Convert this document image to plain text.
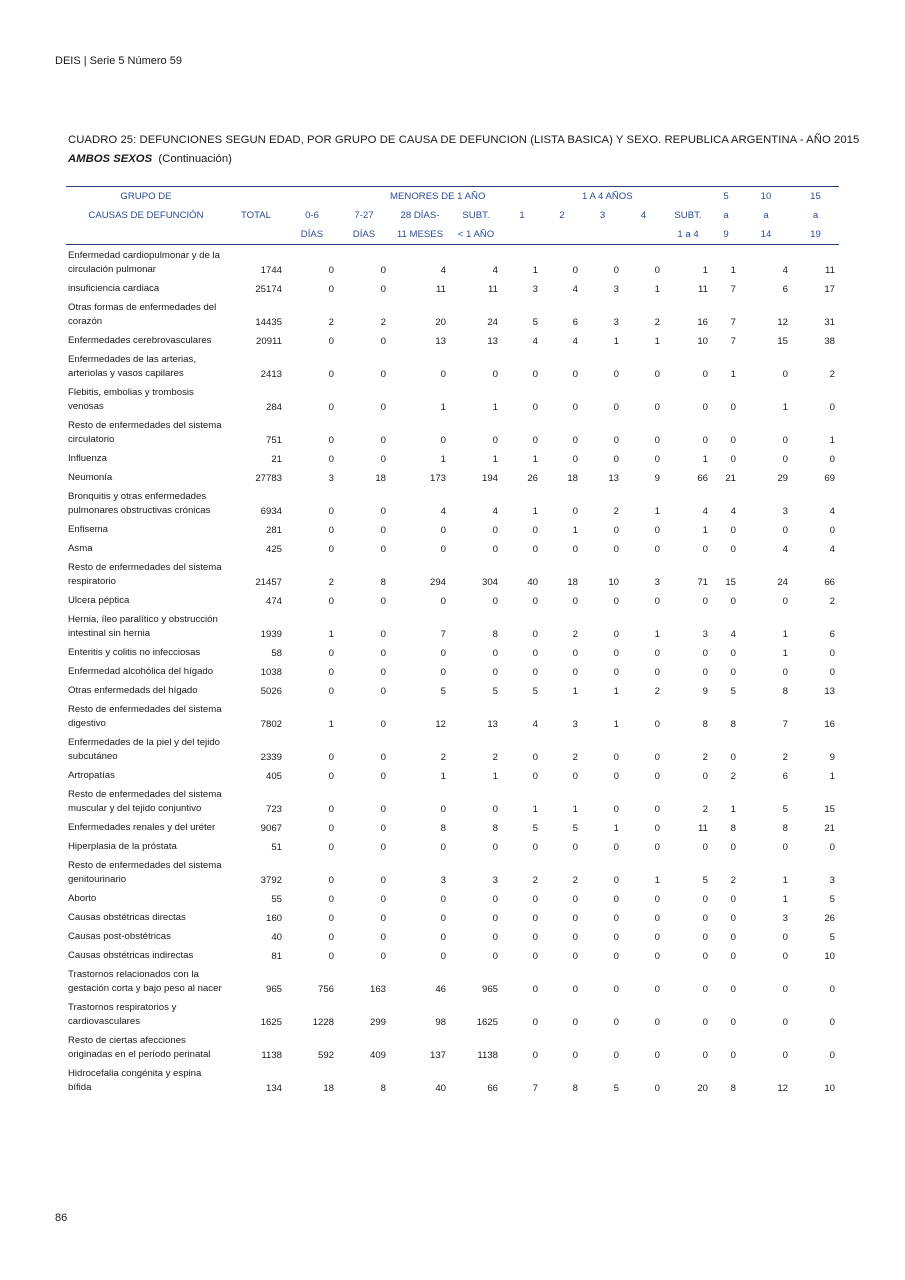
DEIS | Serie 5 Número 59
CUADRO 25: DEFUNCIONES SEGUN EDAD, POR GRUPO DE CAUSA DE DEFUNCION (LISTA BASICA) Y SEXO. REPUBLICA ARGENTINA - AÑO 2015
AMBOS SEXOS (Continuación)
GRUPO DE				MENORES DE 1 AÑO				1 A 4 AÑOS			5	10	15
CAUSAS DE DEFUNCIÓN	TOTAL	0-6	7-27	28 DÍAS-	SUBT.	1	2	3	4	SUBT.	a	a	a
		DÍAS	DÍAS	11 MESES	< 1 AÑO					1 a 4	9	14	19
Enfermedad cardiopulmonar y de la circulación pulmonar	1744	0	0	4	4	1	0	0	0	1	1	4	11
insuficiencia cardiaca	25174	0	0	11	11	3	4	3	1	11	7	6	17
Otras formas de enfermedades del corazón	14435	2	2	20	24	5	6	3	2	16	7	12	31
Enfermedades cerebrovasculares	20911	0	0	13	13	4	4	1	1	10	7	15	38
Enfermedades de las arterias, arteriolas y vasos capilares	2413	0	0	0	0	0	0	0	0	0	1	0	2
Flebitis, embolias y trombosis venosas	284	0	0	1	1	0	0	0	0	0	0	1	0
Resto de enfermedades del sistema circulatorio	751	0	0	0	0	0	0	0	0	0	0	0	1
Influenza	21	0	0	1	1	1	0	0	0	1	0	0	0
Neumonía	27783	3	18	173	194	26	18	13	9	66	21	29	69
Bronquitis y otras enfermedades pulmonares obstructivas crónicas	6934	0	0	4	4	1	0	2	1	4	4	3	4
Enfisema	281	0	0	0	0	0	1	0	0	1	0	0	0
Asma	425	0	0	0	0	0	0	0	0	0	0	4	4
Resto de enfermedades del sistema respiratorio	21457	2	8	294	304	40	18	10	3	71	15	24	66
Ulcera péptica	474	0	0	0	0	0	0	0	0	0	0	0	2
Hernia, íleo paralítico y obstrucción intestinal sin hernia	1939	1	0	7	8	0	2	0	1	3	4	1	6
Enteritis y colitis no infecciosas	58	0	0	0	0	0	0	0	0	0	0	1	0
Enfermedad alcohólica del hígado	1038	0	0	0	0	0	0	0	0	0	0	0	0
Otras enfermedads del hígado	5026	0	0	5	5	5	1	1	2	9	5	8	13
Resto de enfermedades del sistema digestivo	7802	1	0	12	13	4	3	1	0	8	8	7	16
Enfermedades de la piel y del tejido subcutáneo	2339	0	0	2	2	0	2	0	0	2	0	2	9
Artropatías	405	0	0	1	1	0	0	0	0	0	2	6	1
Resto de enfermedades del sistema muscular y del tejido conjuntivo	723	0	0	0	0	1	1	0	0	2	1	5	15
Enfermedades renales y del uréter	9067	0	0	8	8	5	5	1	0	11	8	8	21
Hiperplasia de la próstata	51	0	0	0	0	0	0	0	0	0	0	0	0
Resto de enfermedades del sistema genitourinario	3792	0	0	3	3	2	2	0	1	5	2	1	3
Aborto	55	0	0	0	0	0	0	0	0	0	0	1	5
Causas obstétricas directas	160	0	0	0	0	0	0	0	0	0	0	3	26
Causas post-obstétricas	40	0	0	0	0	0	0	0	0	0	0	0	5
Causas obstétricas indirectas	81	0	0	0	0	0	0	0	0	0	0	0	10
Trastornos relacionados con la gestación corta y bajo peso al nacer	965	756	163	46	965	0	0	0	0	0	0	0	0
Trastornos respiratorios y cardiovasculares	1625	1228	299	98	1625	0	0	0	0	0	0	0	0
Resto de ciertas afecciones originadas en el período perinatal	1138	592	409	137	1138	0	0	0	0	0	0	0	0
Hidrocefalia congénita y espina bífida	134	18	8	40	66	7	8	5	0	20	8	12	10
86
